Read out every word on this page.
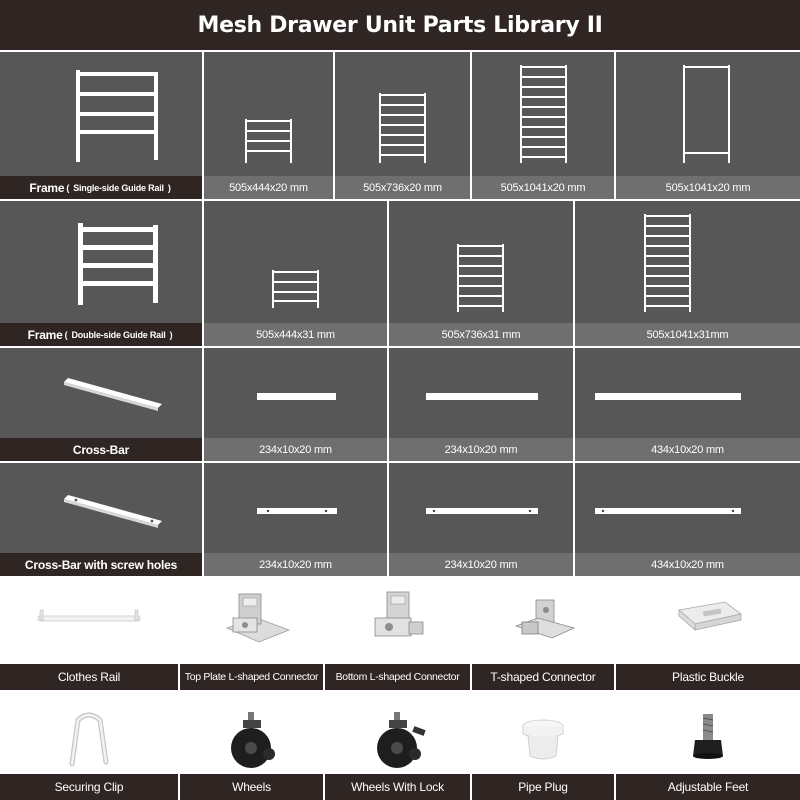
Mesh Drawer Unit Parts Library II
Frame ( Single-side Guide Rail )	505x444x20 mm	505x736x20 mm	505x1041x20 mm	505x1041x20 mm
Frame ( Double-side Guide Rail )	505x444x31 mm	505x736x31 mm	505x1041x31mm
Cross-Bar	234x10x20 mm	234x10x20 mm	434x10x20 mm
Cross-Bar with screw holes	234x10x20 mm	234x10x20 mm	434x10x20 mm
Clothes Rail	Top Plate L-shaped Connector	Bottom L-shaped Connector	T-shaped Connector	Plastic Buckle
Securing Clip	Wheels	Wheels With Lock	Pipe Plug	Adjustable Feet
